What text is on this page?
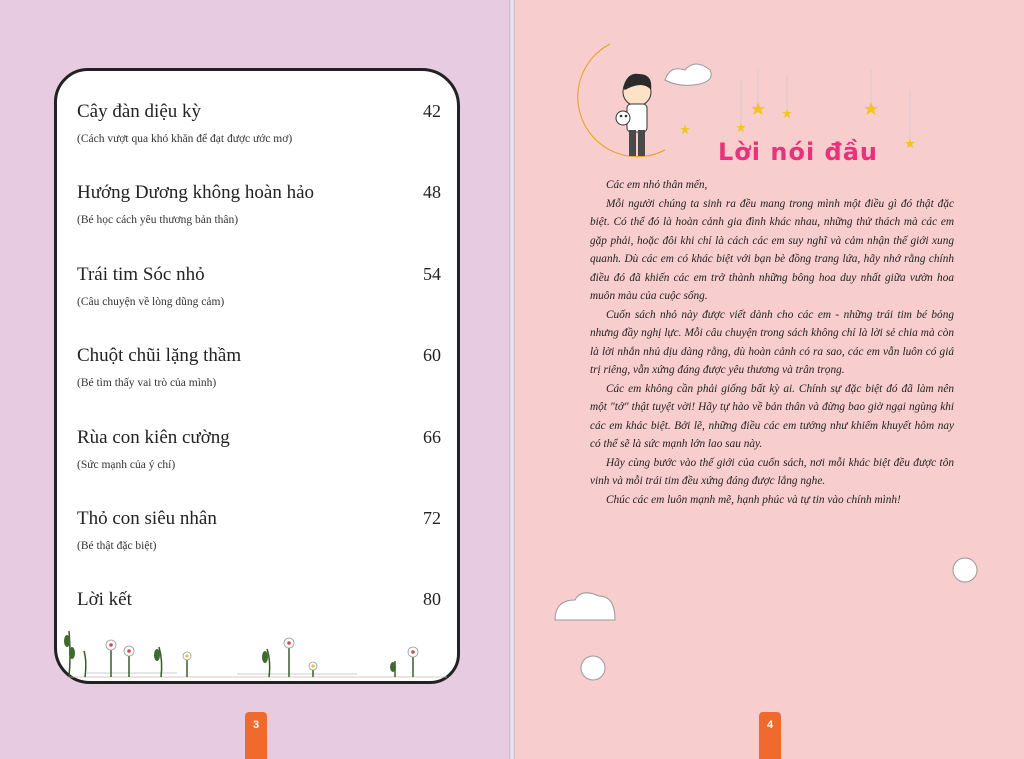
Cây đàn diệu kỳ	42
(Cách vượt qua khó khăn để đạt được ước mơ)
Hướng Dương không hoàn hảo	48
(Bé học cách yêu thương bản thân)
Trái tim Sóc nhỏ	54
(Câu chuyện về lòng dũng cảm)
Chuột chũi lặng thầm	60
(Bé tìm thấy vai trò của mình)
Rùa con kiên cường	66
(Sức mạnh của ý chí)
Thỏ con siêu nhân	72
(Bé thật đặc biệt)
Lời kết	80
3	4
Lời nói đầu

Các em nhỏ thân mến,

Mỗi người chúng ta sinh ra đều mang trong mình một điều gì đó thật đặc biệt. Có thể đó là hoàn cảnh gia đình khác nhau, những thử thách mà các em gặp phải, hoặc đôi khi chỉ là cách các em suy nghĩ và cảm nhận thế giới xung quanh. Dù các em có khác biệt với bạn bè đồng trang lứa, hãy nhớ rằng chính điều đó đã khiến các em trở thành những bông hoa duy nhất giữa vườn hoa muôn màu của cuộc sống.

Cuốn sách nhỏ này được viết dành cho các em - những trái tim bé bỏng nhưng đầy nghị lực. Mỗi câu chuyện trong sách không chỉ là lời sẻ chia mà còn là lời nhắn nhủ dịu dàng rằng, dù hoàn cảnh có ra sao, các em vẫn luôn có giá trị riêng, vẫn xứng đáng được yêu thương và trân trọng.

Các em không cần phải giống bất kỳ ai. Chính sự đặc biệt đó đã làm nên một "tớ" thật tuyệt vời! Hãy tự hào về bản thân và đừng bao giờ ngại ngùng khi các em khác biệt. Bởi lẽ, những điều các em tưởng như khiếm khuyết hôm nay có thể sẽ là sức mạnh lớn lao sau này.

Hãy cùng bước vào thế giới của cuốn sách, nơi mỗi khác biệt đều được tôn vinh và mỗi trái tim đều xứng đáng được lắng nghe.

Chúc các em luôn mạnh mẽ, hạnh phúc và tự tin vào chính mình!
